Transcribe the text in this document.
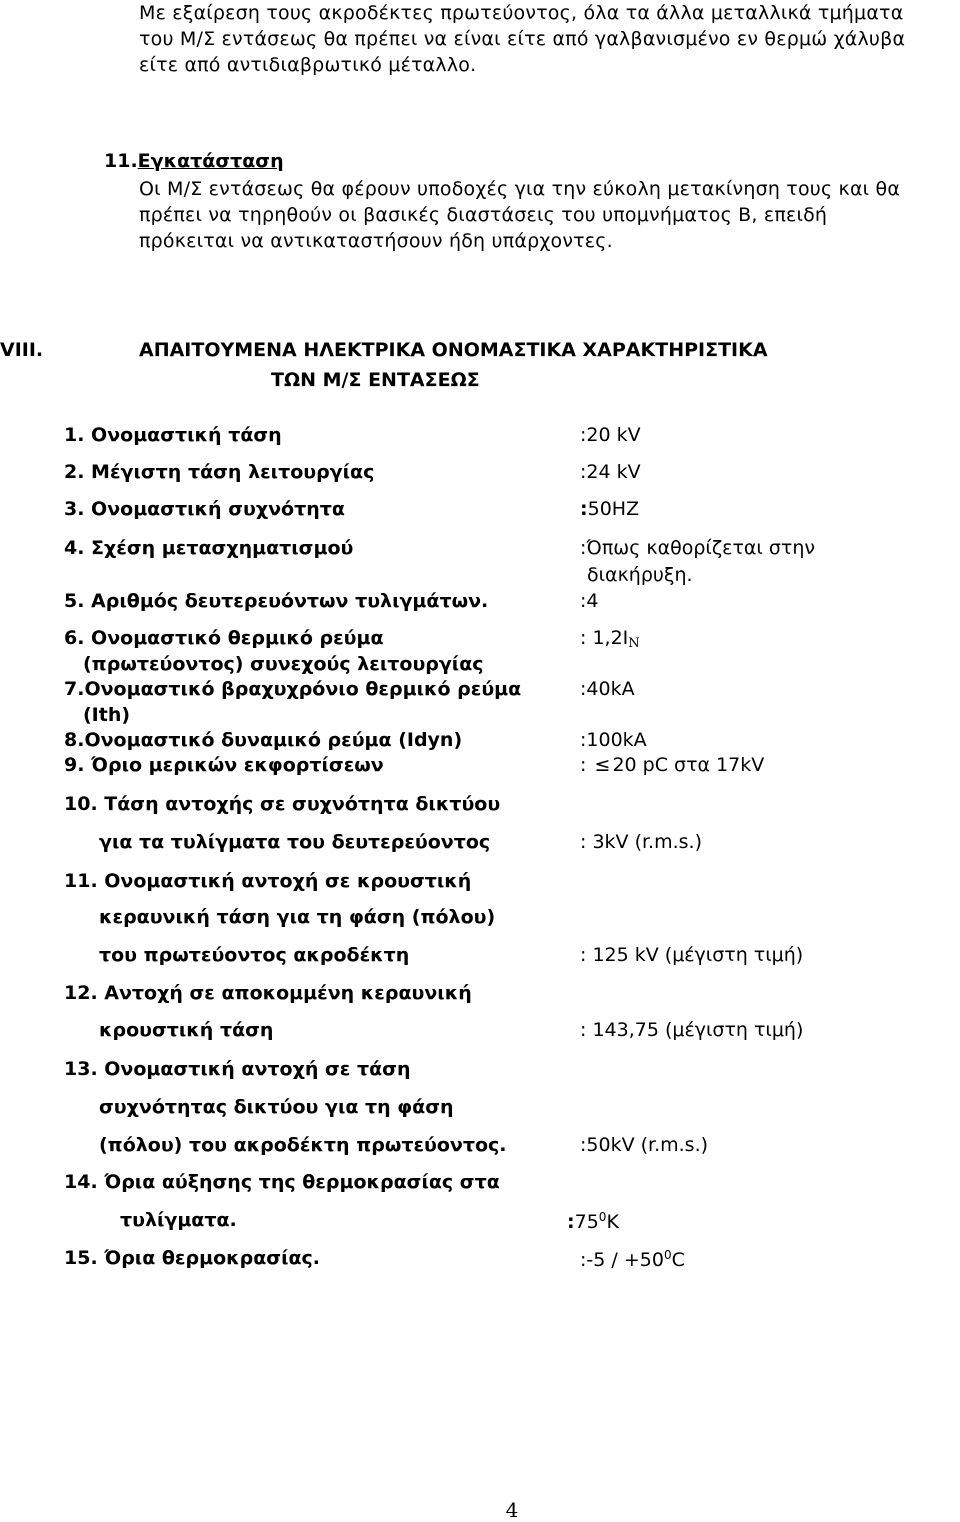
Με εξαίρεση τους ακροδέκτες πρωτεύοντος, όλα τα άλλα μεταλλικά τμήματα
του Μ/Σ εντάσεως θα πρέπει να είναι είτε από γαλβανισμένο εν θερμώ χάλυβα
είτε από αντιδιαβρωτικό μέταλλο.
11.Εγκατάσταση
Οι Μ/Σ εντάσεως θα φέρουν υποδοχές για την εύκολη μετακίνηση τους και θα
πρέπει να τηρηθούν οι βασικές διαστάσεις του υπομνήματος Β, επειδή
πρόκειται να αντικαταστήσουν ήδη υπάρχοντες.
VIII.	ΑΠΑΙΤΟΥΜΕΝΑ ΗΛΕΚΤΡΙΚΑ ΟΝΟΜΑΣΤΙΚΑ ΧΑΡΑΚΤΗΡΙΣΤΙΚΑ
ΤΩΝ Μ/Σ ΕΝΤΑΣΕΩΣ
1. Ονομαστική τάση	:20 kV
2. Μέγιστη τάση λειτουργίας	:24 kV
3. Ονομαστική συχνότητα	:50HZ
4. Σχέση μετασχηματισμού	:Όπως καθορίζεται στην
διακήρυξη.
5. Αριθμός δευτερευόντων τυλιγμάτων.	:4
6. Ονομαστικό θερμικό ρεύμα
(πρωτεύοντος) συνεχούς λειτουργίας
: $1,2I_N$
7.Ονομαστικό βραχυχρόνιο θερμικό ρεύμα
(Ith)
:40kA
8.Ονομαστικό δυναμικό ρεύμα (Idyn)	:100kA
9. Όριο μερικών εκφορτίσεων	: ≤ 20 pC στα 17kV
10. Τάση αντοχής σε συχνότητα δικτύου
για τα τυλίγματα του δευτερεύοντος	: 3kV (r.m.s.)
11. Ονομαστική αντοχή σε κρουστική
κεραυνική τάση για τη φάση (πόλου)
του πρωτεύοντος ακροδέκτη	: 125 kV (μέγιστη τιμή)
12. Αντοχή σε αποκομμένη κεραυνική
κρουστική τάση	: 143,75 (μέγιστη τιμή)
13. Ονομαστική αντοχή σε τάση
συχνότητας δικτύου για τη φάση
(πόλου) του ακροδέκτη πρωτεύοντος.	:50kV (r.m.s.)
14. Όρια αύξησης της θερμοκρασίας στα
τυλίγματα.	$:75^0K$
15. Όρια θερμοκρασίας.	:-5 / $+50^0C$
4
